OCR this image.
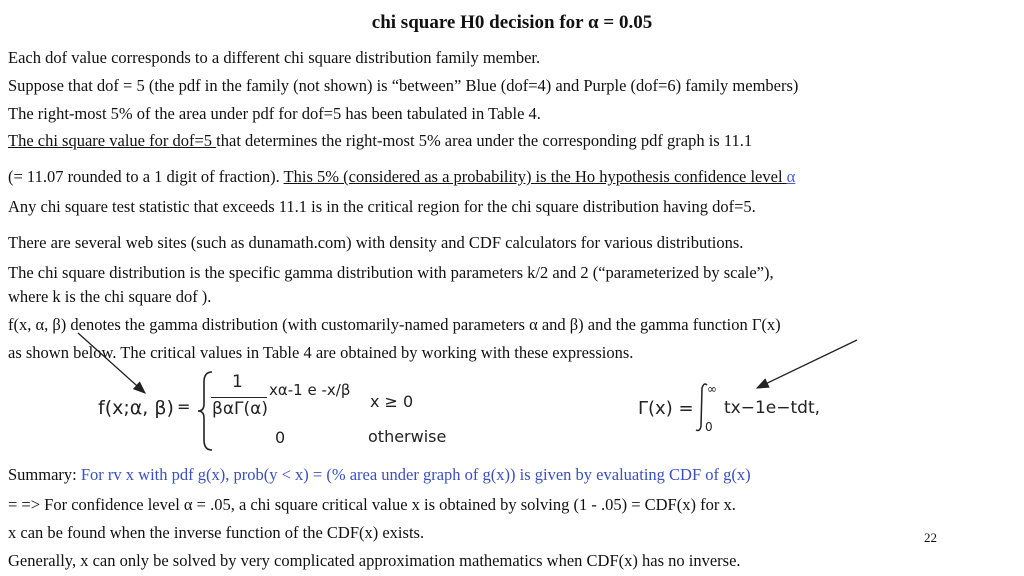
chi square H0 decision for α = 0.05
Each dof value corresponds to a different chi square distribution family member.
Suppose that dof = 5 (the pdf in the family (not shown) is “between” Blue (dof=4) and Purple (dof=6) family members)
The right-most 5% of the area under pdf for dof=5 has been tabulated in Table 4.
The chi square value for dof=5 that determines the right-most 5% area under the corresponding pdf graph is 11.1
(= 11.07 rounded to a 1 digit of fraction). This 5% (considered as a probability) is the Ho hypothesis confidence level α
Any chi square test statistic that exceeds 11.1 is in the critical region for the chi square distribution having dof=5.
There are several web sites (such as dunamath.com) with density and CDF calculators for various distributions.
The chi square distribution is the specific gamma distribution with parameters k/2 and 2 (“parameterized by scale”),
where k is the chi square dof ).
f(x, α, β) denotes the gamma distribution (with customarily-named parameters α and β) and the gamma function Γ(x)
as shown below. The critical values in Table 4 are obtained by working with these expressions.
f(x;α, β) =
1
βαΓ(α)
xα-1 e -x/β
x ≥ 0
0	otherwise
Γ(x) =
∞
0
tx−1e−tdt,
Summary: For rv x with pdf g(x), prob(y < x) = (% area under graph of g(x)) is given by evaluating CDF of g(x)
= => For confidence level α = .05, a chi square critical value x is obtained by solving (1 - .05) = CDF(x) for x.
x can be found when the inverse function of the CDF(x) exists.
Generally, x can only be solved by very complicated approximation mathematics when CDF(x) has no inverse.
22
